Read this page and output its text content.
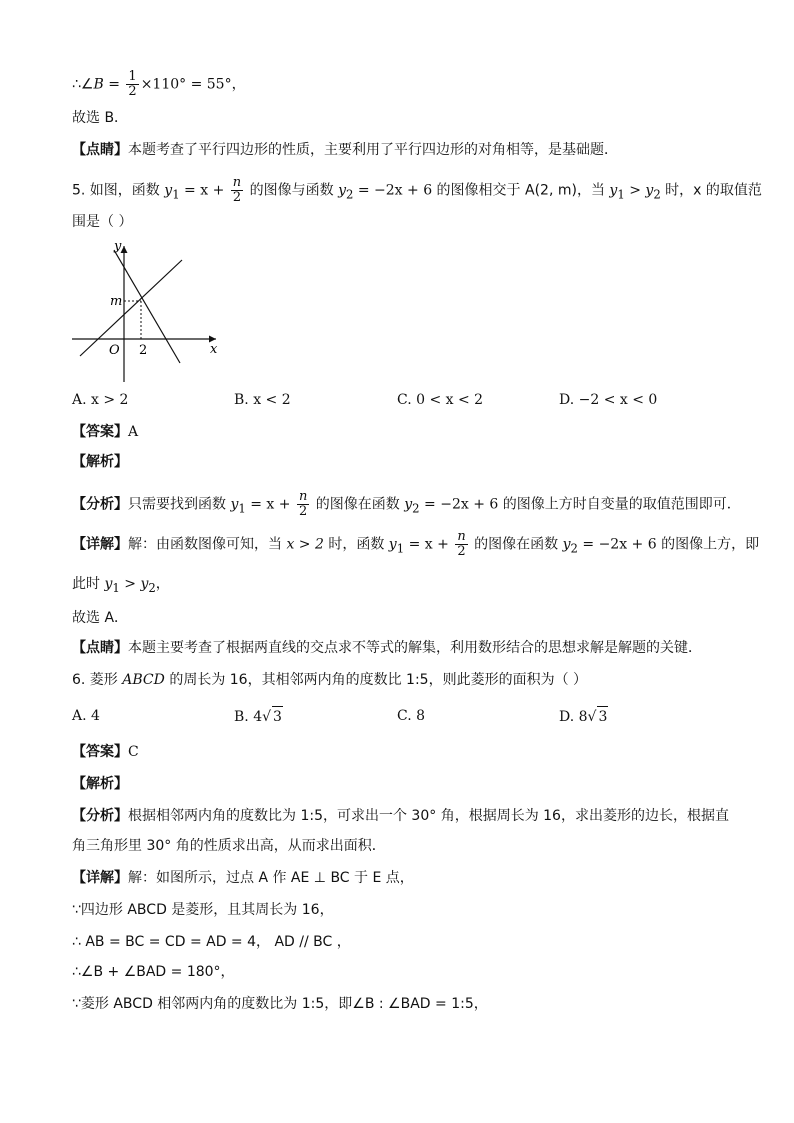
∴∠B = $\frac{1}{2} \times 110^\circ = 55^\circ$，
故选 B．
【点睛】本题考查了平行四边形的性质，主要利用了平行四边形的对角相等，是基础题．
5. 如图，函数 $y_1 = x + \frac{n}{2}$ 的图像与函数 $y_2 = -2x + 6$ 的图像相交于 A(2, m)，当 $y_1 > y_2$ 时，x 的取值范
围是（ ）
y
m
O 2	x
A. x > 2	B. x < 2	C. 0 < x < 2	D. −2 < x < 0
【答案】A
【解析】
【分析】只需要找到函数 $y_1 = x + \frac{n}{2}$ 的图像在函数 $y_2 = -2x + 6$ 的图像上方时自变量的取值范围即可．
【详解】解：由函数图像可知，当 x > 2 时，函数 $y_1 = x + \frac{n}{2}$ 的图像在函数 $y_2 = -2x + 6$ 的图像上方，即
此时 $y_1 > y_2$，
故选 A．
【点睛】本题主要考查了根据两直线的交点求不等式的解集，利用数形结合的思想求解是解题的关键．
6. 菱形 ABCD 的周长为 16，其相邻两内角的度数比 1:5，则此菱形的面积为（ ）
A. 4	B. 4√ 3	C. 8	D. 8√ 3
【答案】C
【解析】
【分析】根据相邻两内角的度数比为 1:5，可求出一个 30° 角，根据周长为 16，求出菱形的边长，根据直
角三角形里 30° 角的性质求出高，从而求出面积．
【详解】解：如图所示，过点 A 作 AE ⊥ BC 于 E 点，
∵四边形 ABCD 是菱形，且其周长为 16，
∴ AB = BC = CD = AD = 4， AD // BC ，
∴∠B + ∠BAD = 180°，
∵菱形 ABCD 相邻两内角的度数比为 1:5，即∠B : ∠BAD = 1:5，
